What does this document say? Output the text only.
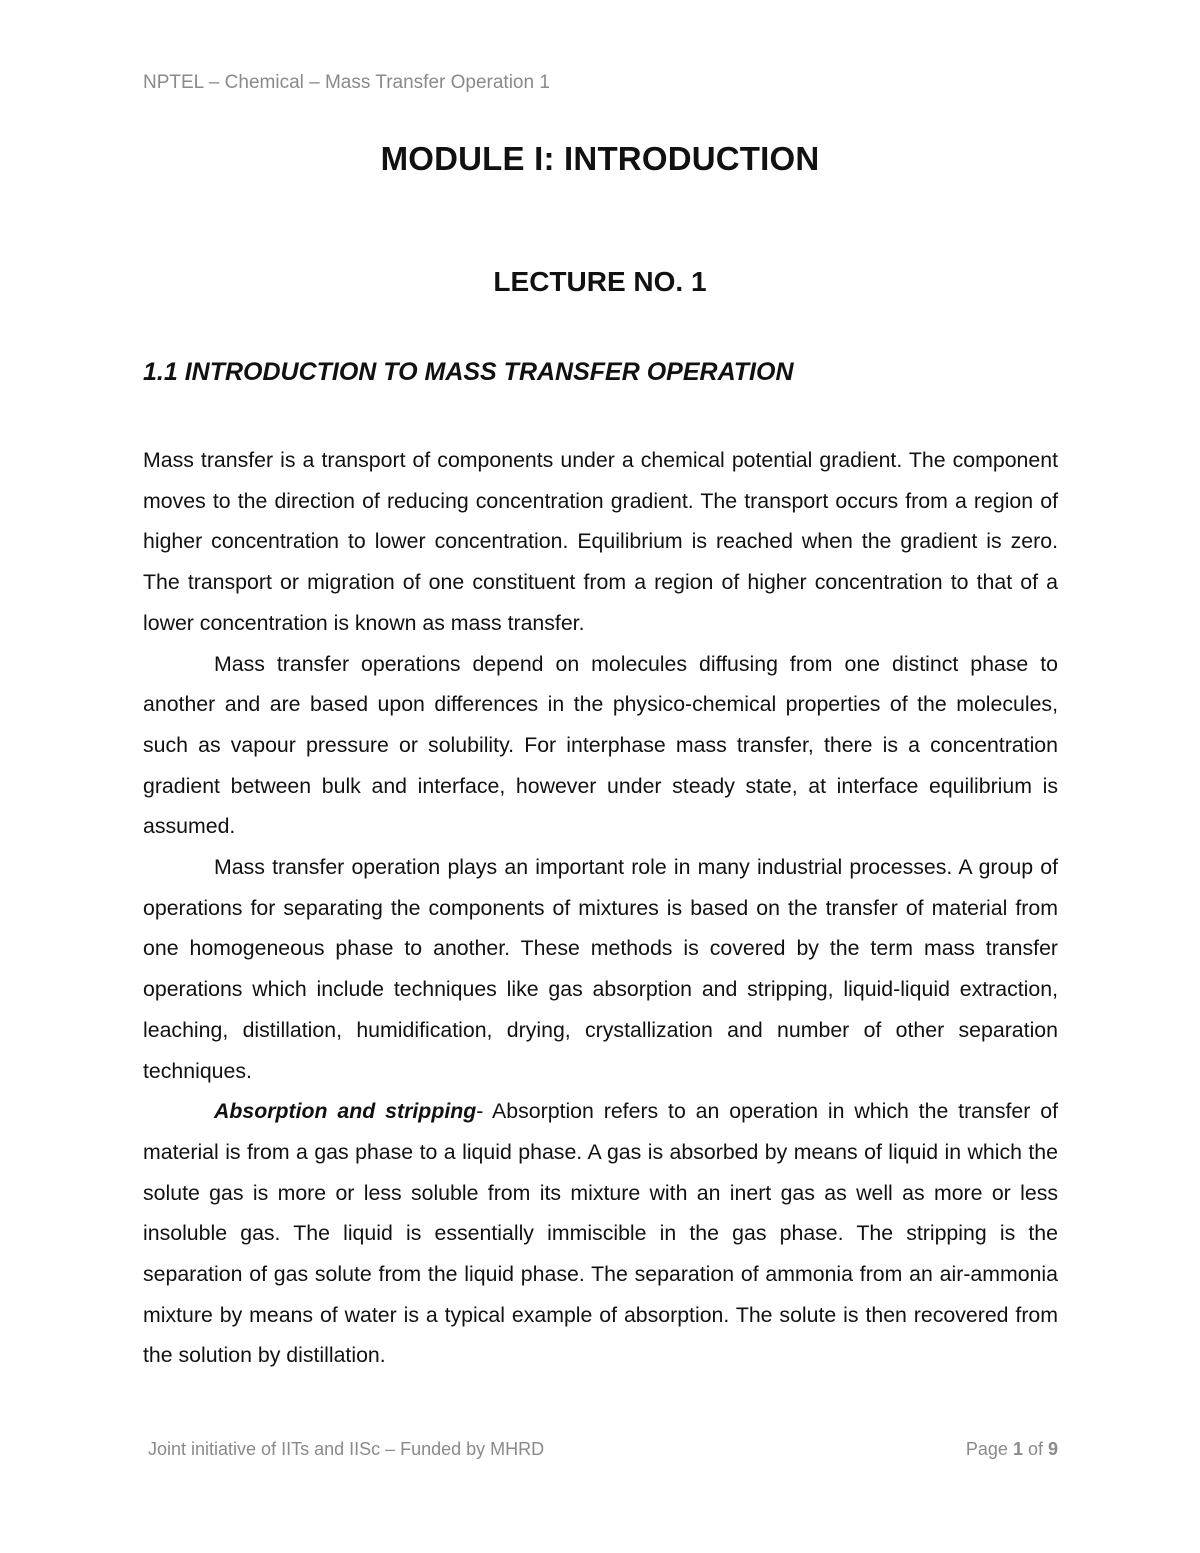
NPTEL – Chemical – Mass Transfer Operation 1
MODULE I: INTRODUCTION
LECTURE NO. 1
1.1 INTRODUCTION TO MASS TRANSFER OPERATION

Mass transfer is a transport of components under a chemical potential gradient. The component moves to the direction of reducing concentration gradient. The transport occurs from a region of higher concentration to lower concentration. Equilibrium is reached when the gradient is zero. The transport or migration of one constituent from a region of higher concentration to that of a lower concentration is known as mass transfer.

Mass transfer operations depend on molecules diffusing from one distinct phase to another and are based upon differences in the physico-chemical properties of the molecules, such as vapour pressure or solubility. For interphase mass transfer, there is a concentration gradient between bulk and interface, however under steady state, at interface equilibrium is assumed.

Mass transfer operation plays an important role in many industrial processes. A group of operations for separating the components of mixtures is based on the transfer of material from one homogeneous phase to another. These methods is covered by the term mass transfer operations which include techniques like gas absorption and stripping, liquid-liquid extraction, leaching, distillation, humidification, drying, crystallization and number of other separation techniques.

Absorption and stripping- Absorption refers to an operation in which the transfer of material is from a gas phase to a liquid phase. A gas is absorbed by means of liquid in which the solute gas is more or less soluble from its mixture with an inert gas as well as more or less insoluble gas. The liquid is essentially immiscible in the gas phase. The stripping is the separation of gas solute from the liquid phase. The separation of ammonia from an air-ammonia mixture by means of water is a typical example of absorption. The solute is then recovered from the solution by distillation.

Joint initiative of IITs and IISc – Funded by MHRD	Page 1 of 9
